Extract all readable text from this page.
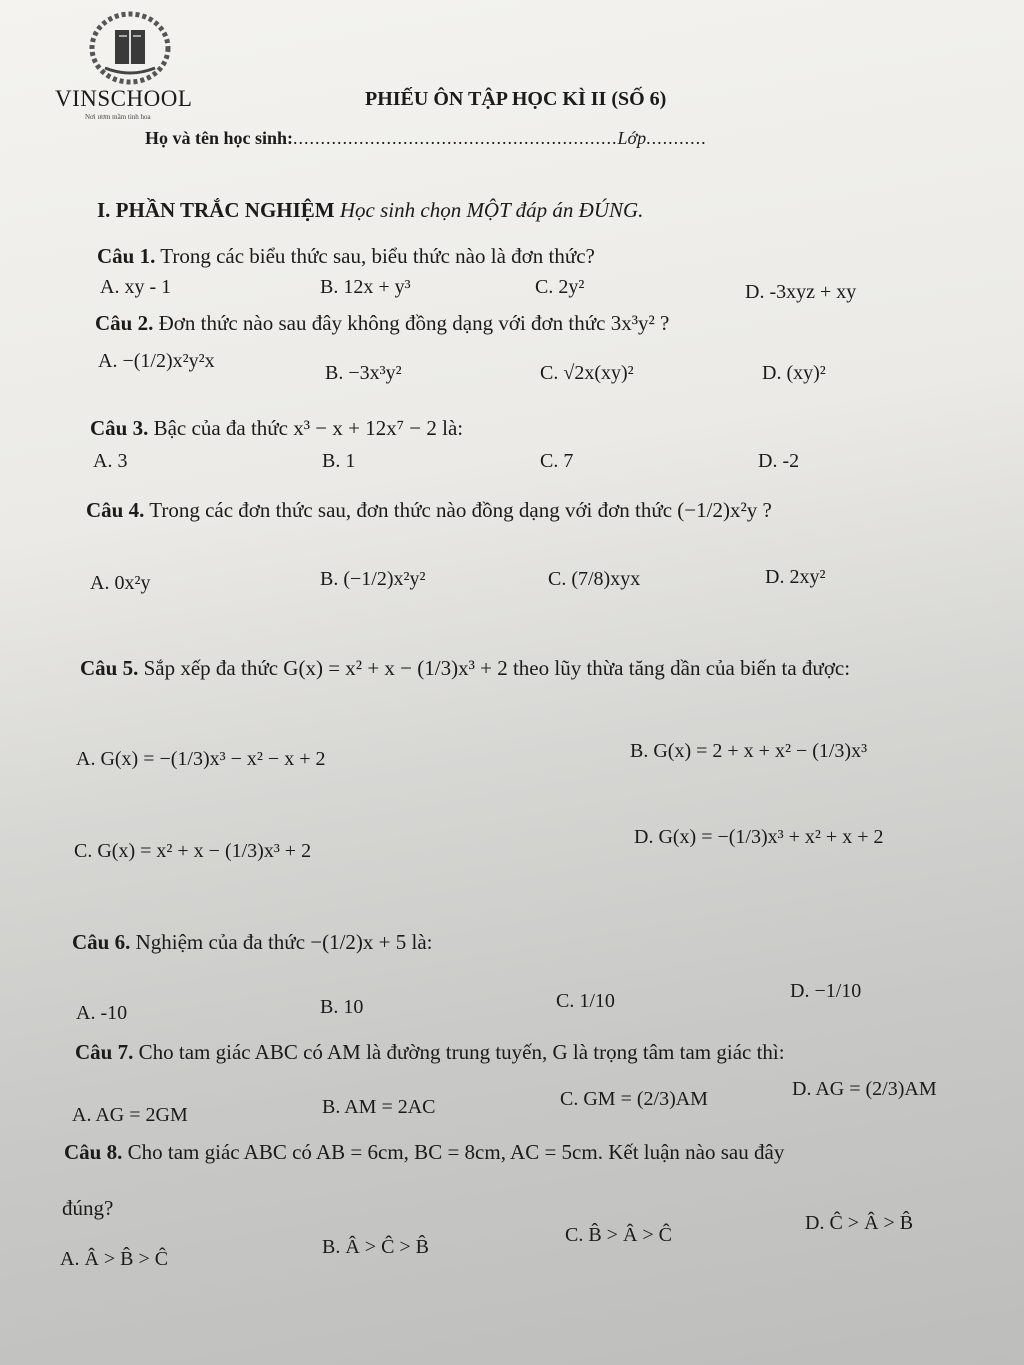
VINSCHOOL
Nơi ươm mầm tinh hoa
PHIẾU ÔN TẬP HỌC KÌ II (SỐ 6)
Họ và tên học sinh:...........................................................Lớp...........
I. PHẦN TRẮC NGHIỆM Học sinh chọn MỘT đáp án ĐÚNG.
Câu 1. Trong các biểu thức sau, biểu thức nào là đơn thức?
A. xy - 1	B. 12x + y³	C. 2y²	D. -3xyz + xy
Câu 2. Đơn thức nào sau đây không đồng dạng với đơn thức 3x³y² ?
A. −(1/2)x²y²x
B. −3x³y²	C. √2x(xy)²	D. (xy)²
Câu 3. Bậc của đa thức x³ − x + 12x⁷ − 2 là:
A. 3	B. 1	C. 7	D. -2
Câu 4. Trong các đơn thức sau, đơn thức nào đồng dạng với đơn thức (−1/2)x²y ?
A. 0x²y	B. (−1/2)x²y²	C. (7/8)xyx	D. 2xy²
Câu 5. Sắp xếp đa thức G(x) = x² + x − (1/3)x³ + 2 theo lũy thừa tăng dần của biến ta được:
A. G(x) = −(1/3)x³ − x² − x + 2	B. G(x) = 2 + x + x² − (1/3)x³
C. G(x) = x² + x − (1/3)x³ + 2
D. G(x) = −(1/3)x³ + x² + x + 2
Câu 6. Nghiệm của đa thức −(1/2)x + 5 là:
A. -10	B. 10	C. 1/10	D. −1/10
Câu 7. Cho tam giác ABC có AM là đường trung tuyến, G là trọng tâm tam giác thì:
A. AG = 2GM	B. AM = 2AC	C. GM = (2/3)AM	D. AG = (2/3)AM
Câu 8. Cho tam giác ABC có AB = 6cm, BC = 8cm, AC = 5cm. Kết luận nào sau đây
đúng?
A. Â > B̂ > Ĉ
B. Â > Ĉ > B̂
C. B̂ > Â > Ĉ
D. Ĉ > Â > B̂
